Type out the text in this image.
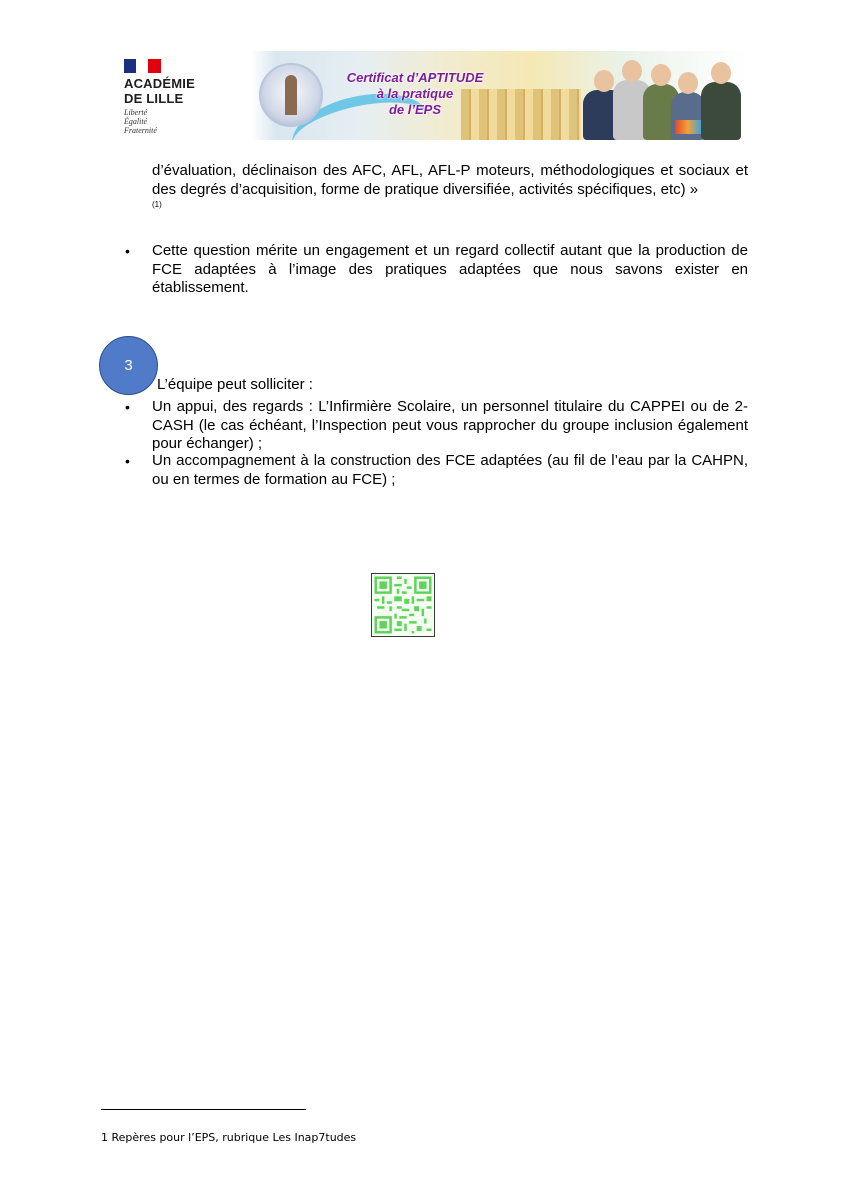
ACADÉMIE
DE LILLE
Liberté
Égalité
Fraternité
Certificat d’APTITUDE
à la pratique
de l’EPS
d’évaluation, déclinaison des AFC, AFL, AFL-P moteurs, méthodologiques et sociaux et des degrés d’acquisition, forme de pratique diversifiée, activités spécifiques, etc) »
(1)
• Cette question mérite un engagement et un regard collectif autant que la production de FCE adaptées à l’image des pratiques adaptées que nous savons exister en établissement.
3
L’équipe peut solliciter :
• Un appui, des regards : L’Infirmière Scolaire, un personnel titulaire du CAPPEI ou de 2-CASH (le cas échéant, l’Inspection peut vous rapprocher du groupe inclusion également pour échanger) ;
• Un accompagnement à la construction des FCE adaptées (au fil de l’eau par la CAHPN, ou en termes de formation au FCE) ;
1 Repères pour l’EPS, rubrique Les Inap7tudes
